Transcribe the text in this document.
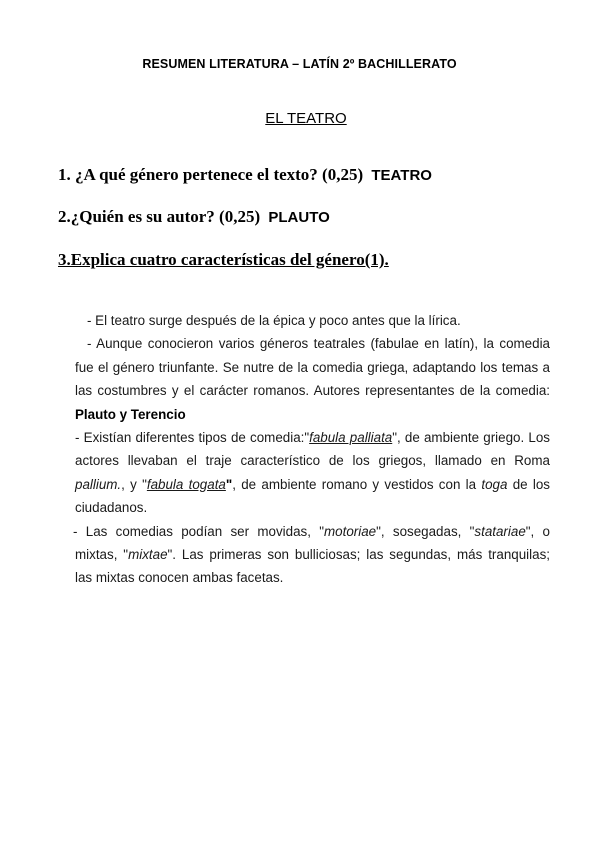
RESUMEN LITERATURA – LATÍN 2º BACHILLERATO
EL TEATRO
1. ¿A qué género pertenece el texto? (0,25) TEATRO
2.¿Quién es su autor? (0,25) PLAUTO
3.Explica cuatro características del género(1).

- El teatro surge después de la épica y poco antes que la lírica.

- Aunque conocieron varios géneros teatrales (fabulae en latín), la comedia fue el género triunfante. Se nutre de la comedia griega, adaptando los temas a las costumbres y el carácter romanos. Autores representantes de la comedia: Plauto y Terencio

- Existían diferentes tipos de comedia:"fabula palliata", de ambiente griego. Los actores llevaban el traje característico de los griegos, llamado en Roma pallium., y "fabula togata", de ambiente romano y vestidos con la toga de los ciudadanos.

- Las comedias podían ser movidas, "motoriae", sosegadas, "statariae", o mixtas, "mixtae". Las primeras son bulliciosas; las segundas, más tranquilas; las mixtas conocen ambas facetas.
